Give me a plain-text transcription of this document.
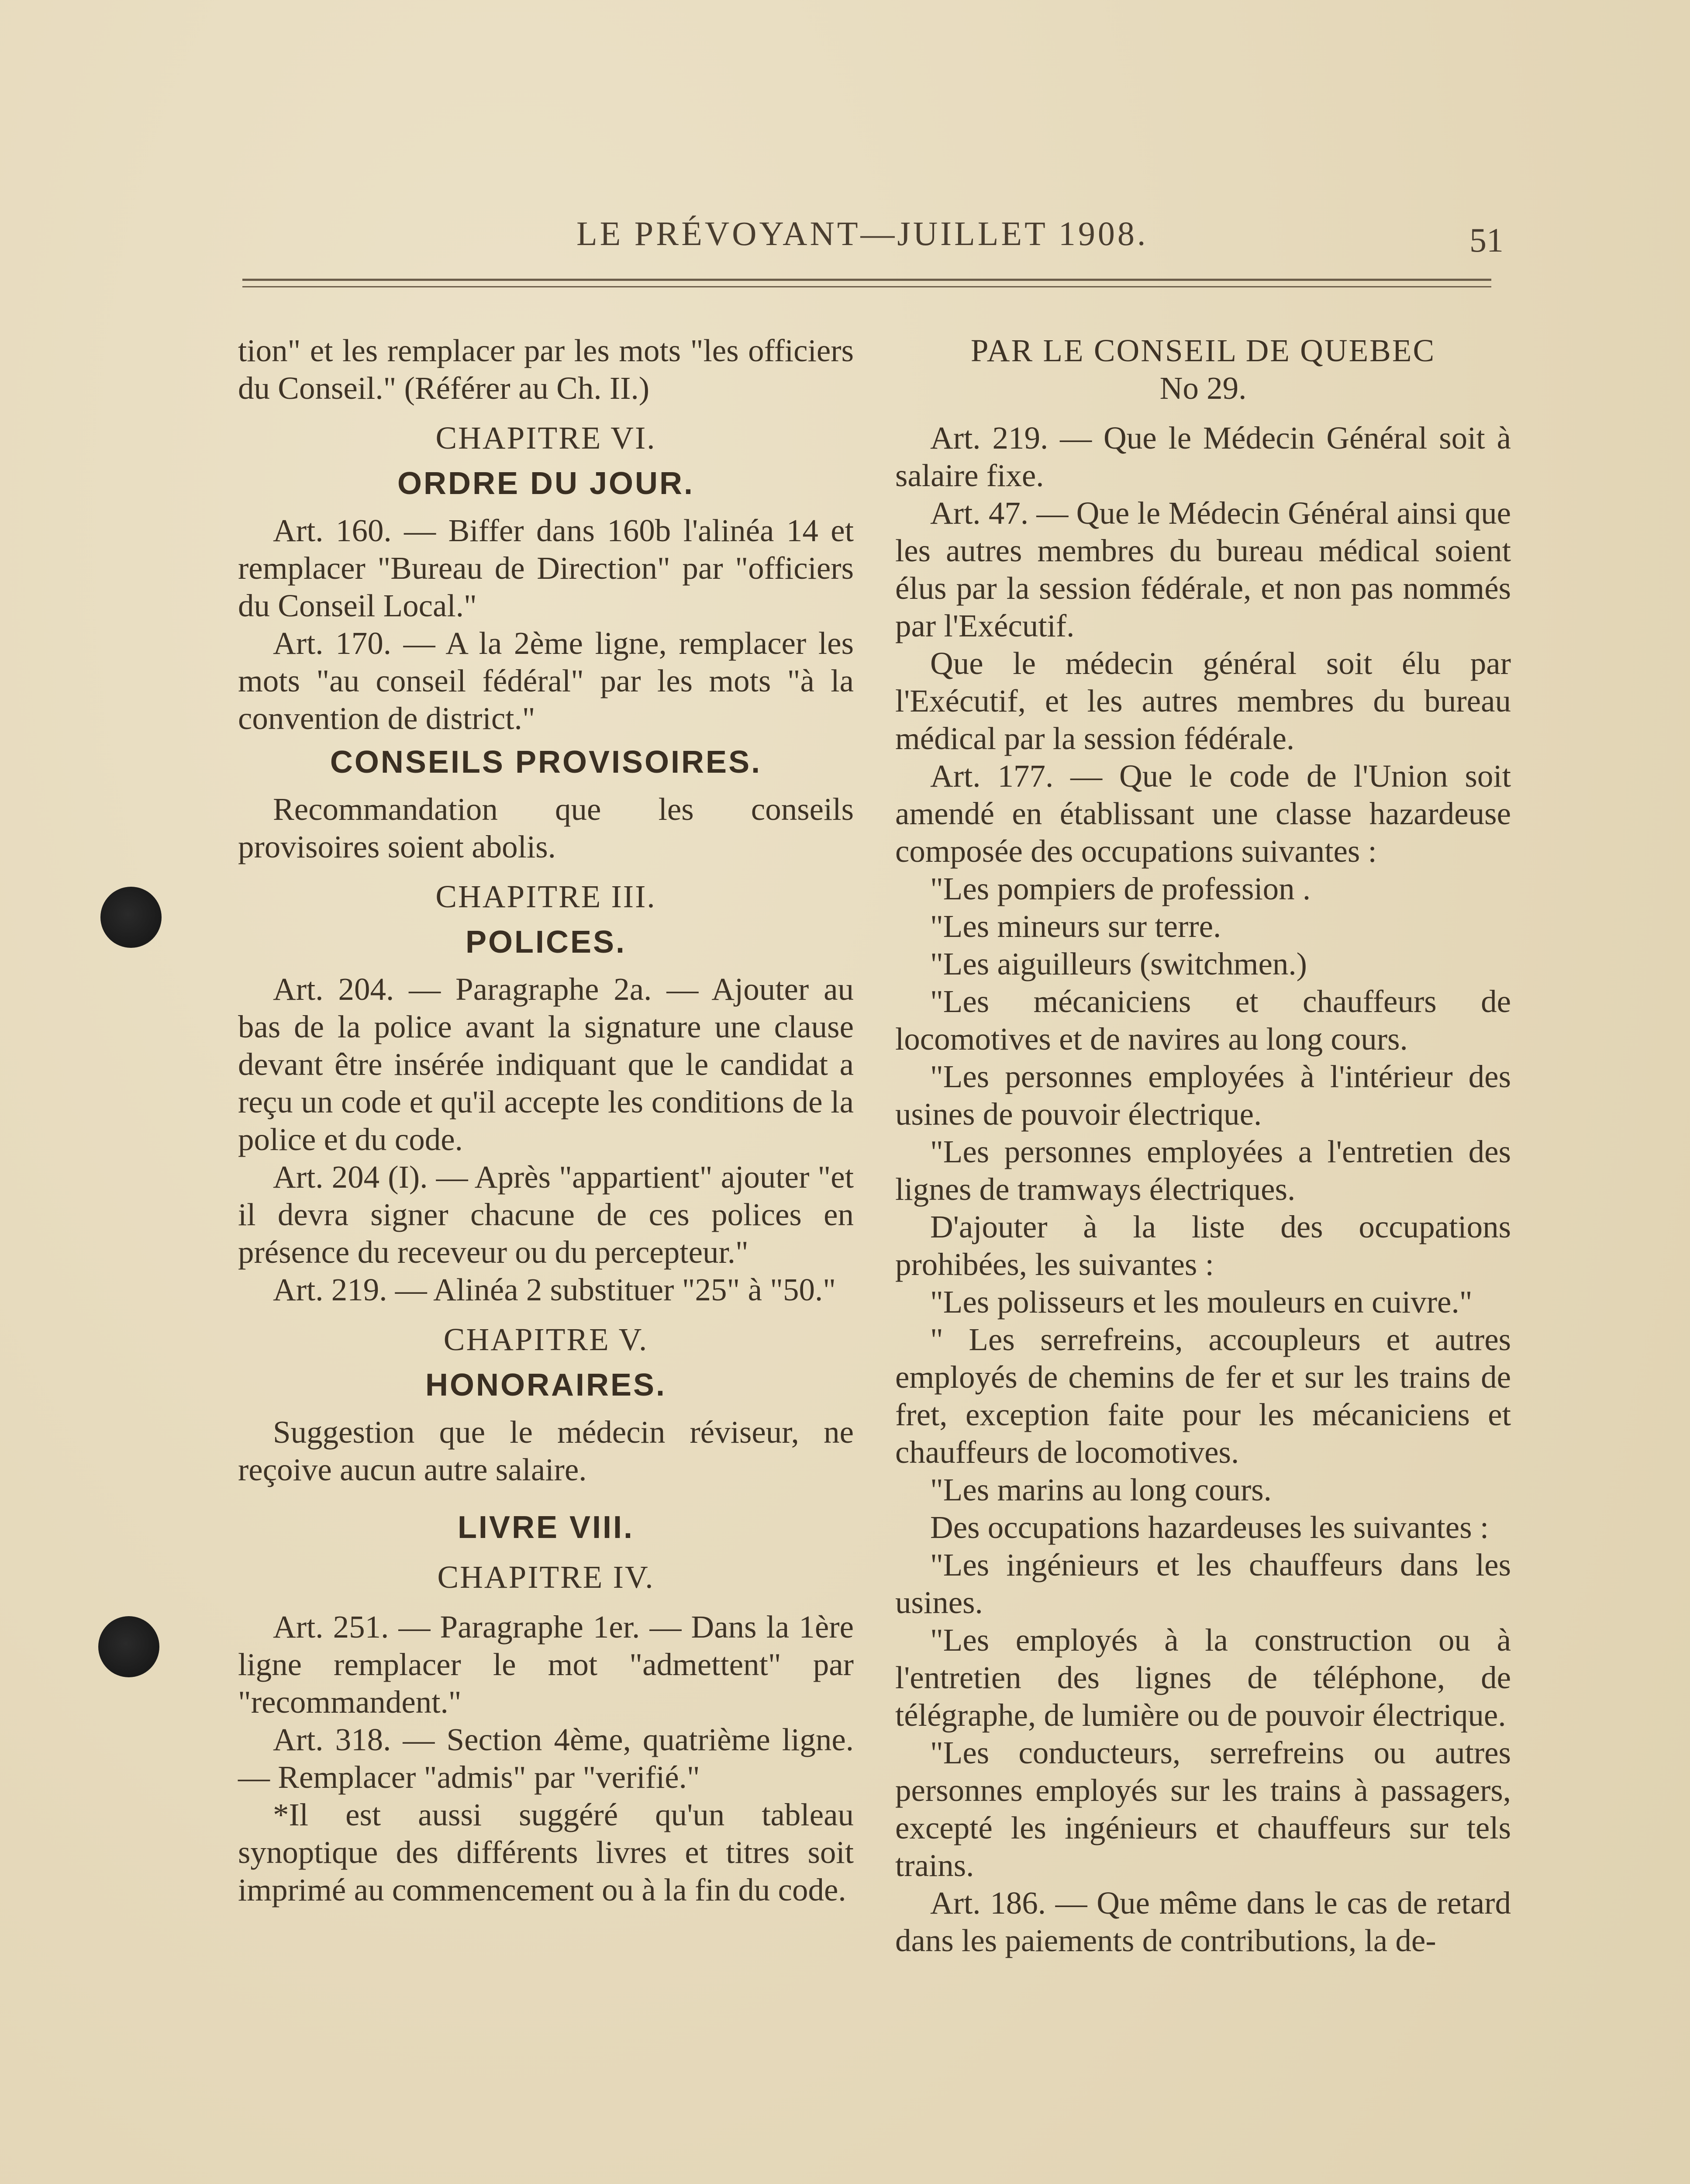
LE PRÉVOYANT—JUILLET 1908.	51

tion" et les remplacer par les mots "les officiers du Conseil." (Référer au Ch. II.)

CHAPITRE VI.

ORDRE DU JOUR.

Art. 160. — Biffer dans 160b l'alinéa 14 et remplacer "Bureau de Direction" par "officiers du Conseil Local."

Art. 170. — A la 2ème ligne, remplacer les mots "au conseil fédéral" par les mots "à la convention de district."

CONSEILS PROVISOIRES.

Recommandation que les conseils provisoires soient abolis.

CHAPITRE III.

POLICES.

Art. 204. — Paragraphe 2a. — Ajouter au bas de la police avant la signature une clause devant être insérée indiquant que le candidat a reçu un code et qu'il accepte les conditions de la police et du code.

Art. 204 (I). — Après "appartient" ajouter "et il devra signer chacune de ces polices en présence du receveur ou du percepteur."

Art. 219. — Alinéa 2 substituer "25" à "50."

CHAPITRE V.

HONORAIRES.

Suggestion que le médecin réviseur, ne reçoive aucun autre salaire.

LIVRE VIII.

CHAPITRE IV.

Art. 251. — Paragraphe 1er. — Dans la 1ère ligne remplacer le mot "admettent" par "recommandent."

Art. 318. — Section 4ème, quatrième ligne. — Remplacer "admis" par "verifié."

*Il est aussi suggéré qu'un tableau synoptique des différents livres et titres soit imprimé au commencement ou à la fin du code.

PAR LE CONSEIL DE QUEBEC

No 29.

Art. 219. — Que le Médecin Général soit à salaire fixe.

Art. 47. — Que le Médecin Général ainsi que les autres membres du bureau médical soient élus par la session fédérale, et non pas nommés par l'Exécutif.

Que le médecin général soit élu par l'Exécutif, et les autres membres du bureau médical par la session fédérale.

Art. 177. — Que le code de l'Union soit amendé en établissant une classe hazardeuse composée des occupations suivantes :

"Les pompiers de profession .

"Les mineurs sur terre.

"Les aiguilleurs (switchmen.)

"Les mécaniciens et chauffeurs de locomotives et de navires au long cours.

"Les personnes employées à l'intérieur des usines de pouvoir électrique.

"Les personnes employées a l'entretien des lignes de tramways électriques.

D'ajouter à la liste des occupations prohibées, les suivantes :

"Les polisseurs et les mouleurs en cuivre."

" Les serrefreins, accoupleurs et autres employés de chemins de fer et sur les trains de fret, exception faite pour les mécaniciens et chauffeurs de locomotives.

"Les marins au long cours.

Des occupations hazardeuses les suivantes :

"Les ingénieurs et les chauffeurs dans les usines.

"Les employés à la construction ou à l'entretien des lignes de téléphone, de télégraphe, de lumière ou de pouvoir électrique.

"Les conducteurs, serrefreins ou autres personnes employés sur les trains à passagers, excepté les ingénieurs et chauffeurs sur tels trains.

Art. 186. — Que même dans le cas de retard dans les paiements de contributions, la de-
